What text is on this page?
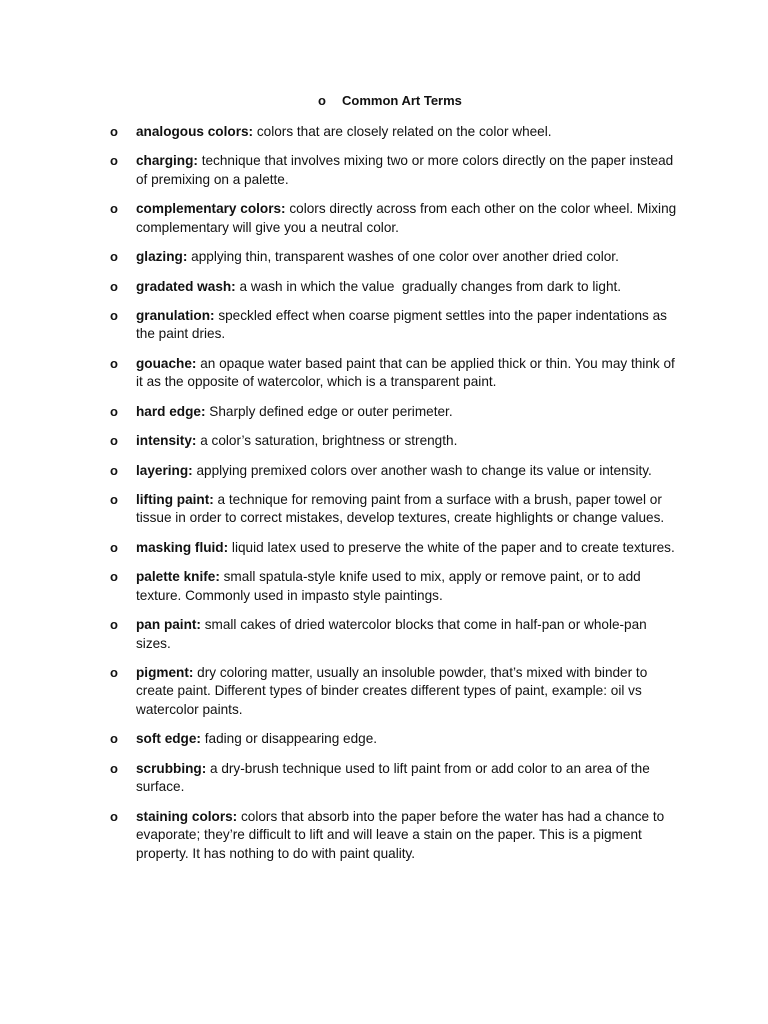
o Common Art Terms
o analogous colors: colors that are closely related on the color wheel.
o charging: technique that involves mixing two or more colors directly on the paper instead of premixing on a palette.
o complementary colors: colors directly across from each other on the color wheel. Mixing complementary will give you a neutral color.
o glazing: applying thin, transparent washes of one color over another dried color.
o gradated wash: a wash in which the value  gradually changes from dark to light.
o granulation: speckled effect when coarse pigment settles into the paper indentations as the paint dries.
o gouache: an opaque water based paint that can be applied thick or thin. You may think of it as the opposite of watercolor, which is a transparent paint.
o hard edge: Sharply defined edge or outer perimeter.
o intensity: a color’s saturation, brightness or strength.
o layering: applying premixed colors over another wash to change its value or intensity.
o lifting paint: a technique for removing paint from a surface with a brush, paper towel or tissue in order to correct mistakes, develop textures, create highlights or change values.
o masking fluid: liquid latex used to preserve the white of the paper and to create textures.
o palette knife: small spatula-style knife used to mix, apply or remove paint, or to add texture. Commonly used in impasto style paintings.
o pan paint: small cakes of dried watercolor blocks that come in half-pan or whole-pan sizes.
o pigment: dry coloring matter, usually an insoluble powder, that’s mixed with binder to create paint. Different types of binder creates different types of paint, example: oil vs watercolor paints.
o soft edge: fading or disappearing edge.
o scrubbing: a dry-brush technique used to lift paint from or add color to an area of the surface.
o staining colors: colors that absorb into the paper before the water has had a chance to evaporate; they’re difficult to lift and will leave a stain on the paper. This is a pigment property. It has nothing to do with paint quality.
